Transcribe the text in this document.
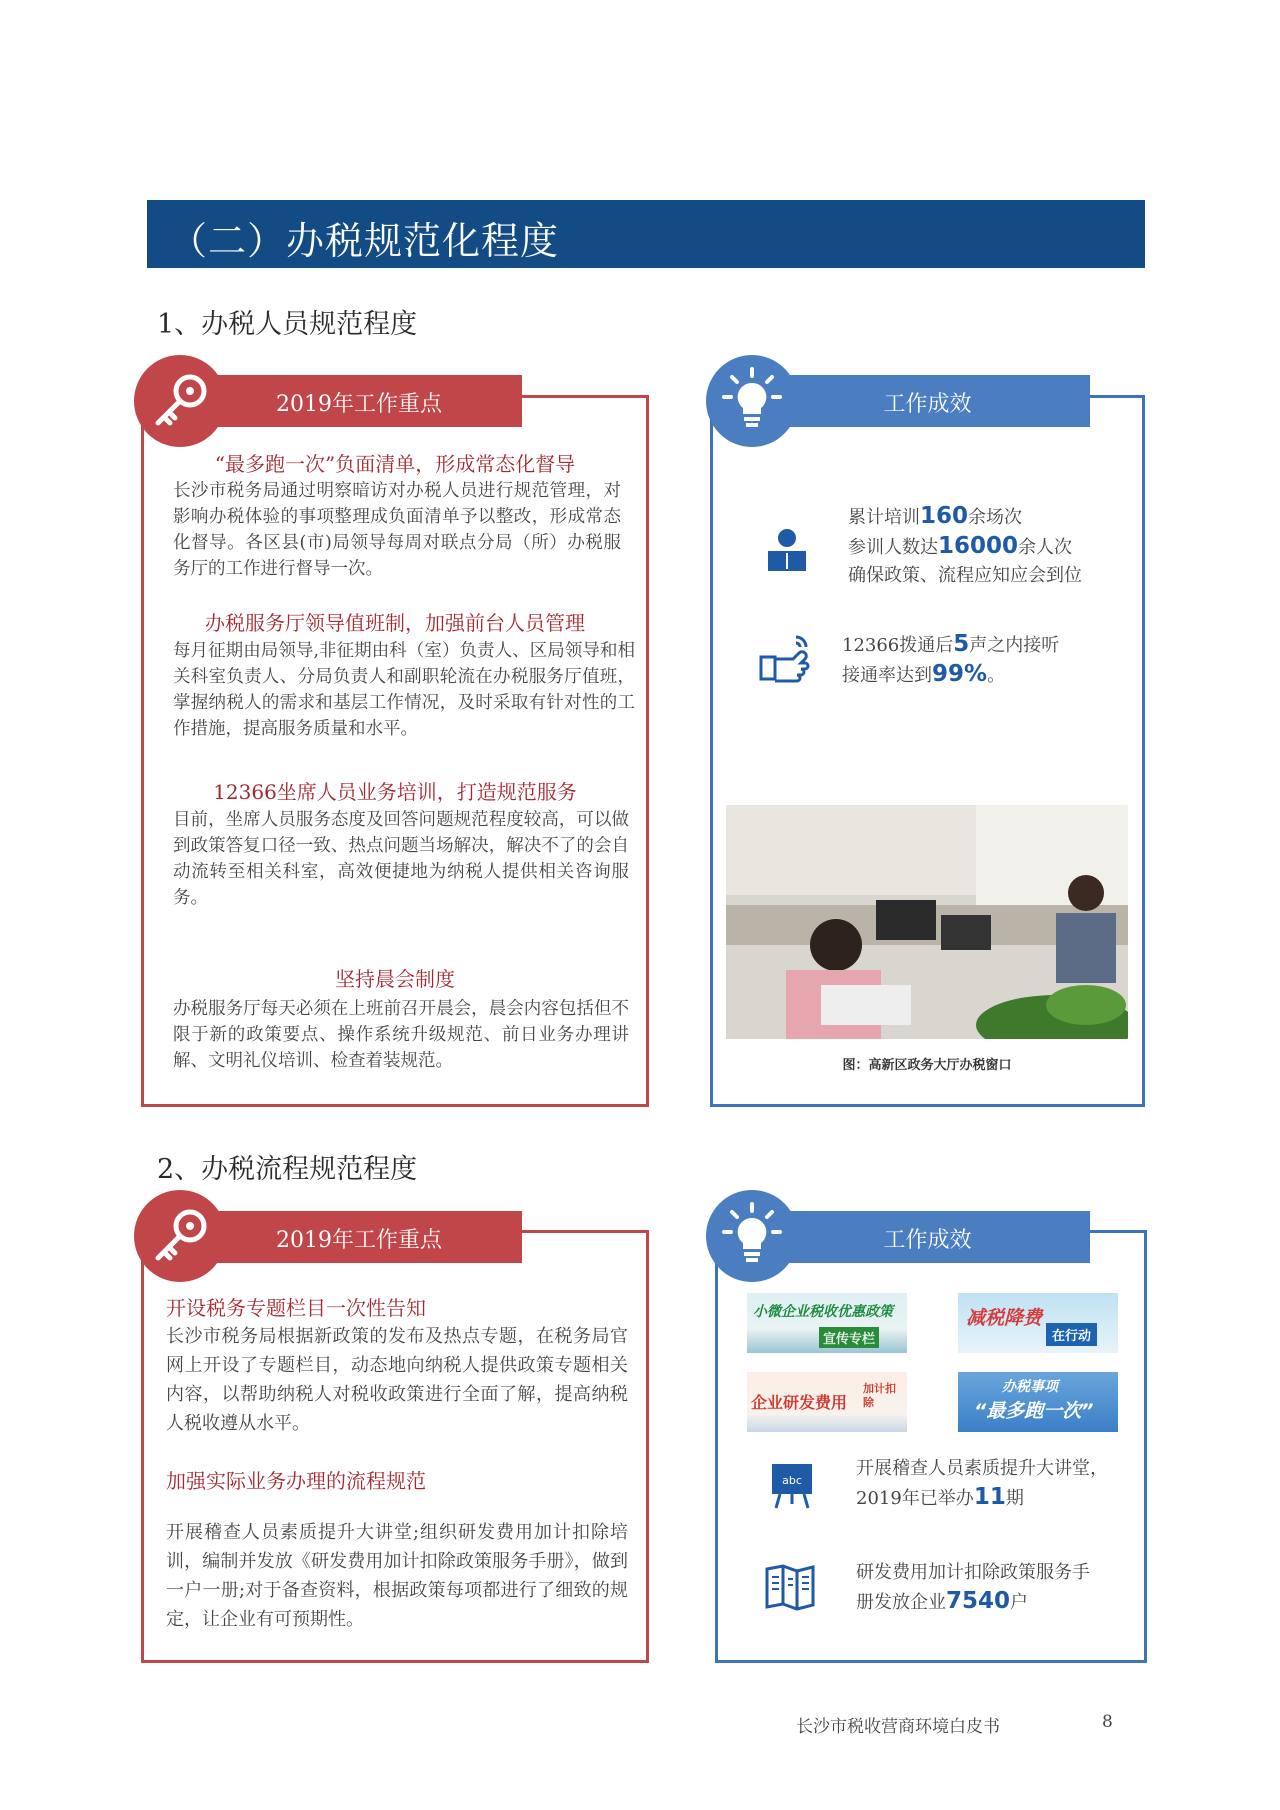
（二）办税规范化程度
1、办税人员规范程度
2019年工作重点
“最多跑一次”负面清单，形成常态化督导
长沙市税务局通过明察暗访对办税人员进行规范管理，对影响办税体验的事项整理成负面清单予以整改，形成常态化督导。各区县(市)局领导每周对联点分局（所）办税服务厅的工作进行督导一次。
办税服务厅领导值班制，加强前台人员管理
每月征期由局领导,非征期由科（室）负责人、区局领导和相关科室负责人、分局负责人和副职轮流在办税服务厅值班，掌握纳税人的需求和基层工作情况，及时采取有针对性的工作措施，提高服务质量和水平。
12366坐席人员业务培训，打造规范服务
目前，坐席人员服务态度及回答问题规范程度较高，可以做到政策答复口径一致、热点问题当场解决，解决不了的会自动流转至相关科室，高效便捷地为纳税人提供相关咨询服务。
坚持晨会制度
办税服务厅每天必须在上班前召开晨会，晨会内容包括但不限于新的政策要点、操作系统升级规范、前日业务办理讲解、文明礼仪培训、检查着装规范。
工作成效
累计培训160余场次
参训人数达16000余人次
确保政策、流程应知应会到位
12366拨通后5声之内接听
接通率达到99%。
图：高新区政务大厅办税窗口
2、办税流程规范程度
2019年工作重点
开设税务专题栏目一次性告知
长沙市税务局根据新政策的发布及热点专题，在税务局官网上开设了专题栏目，动态地向纳税人提供政策专题相关内容，以帮助纳税人对税收政策进行全面了解，提高纳税人税收遵从水平。
加强实际业务办理的流程规范
开展稽查人员素质提升大讲堂;组织研发费用加计扣除培训，编制并发放《研发费用加计扣除政策服务手册》，做到一户一册;对于备查资料，根据政策每项都进行了细致的规定，让企业有可预期性。
工作成效
小微企业税收优惠政策
宣传专栏
减税降费
在行动
企业研发费用
加计扣除
办税事项
“最多跑一次”
abc
开展稽查人员素质提升大讲堂，
2019年已举办11期
研发费用加计扣除政策服务手
册发放企业7540户
长沙市税收营商环境白皮书	8
